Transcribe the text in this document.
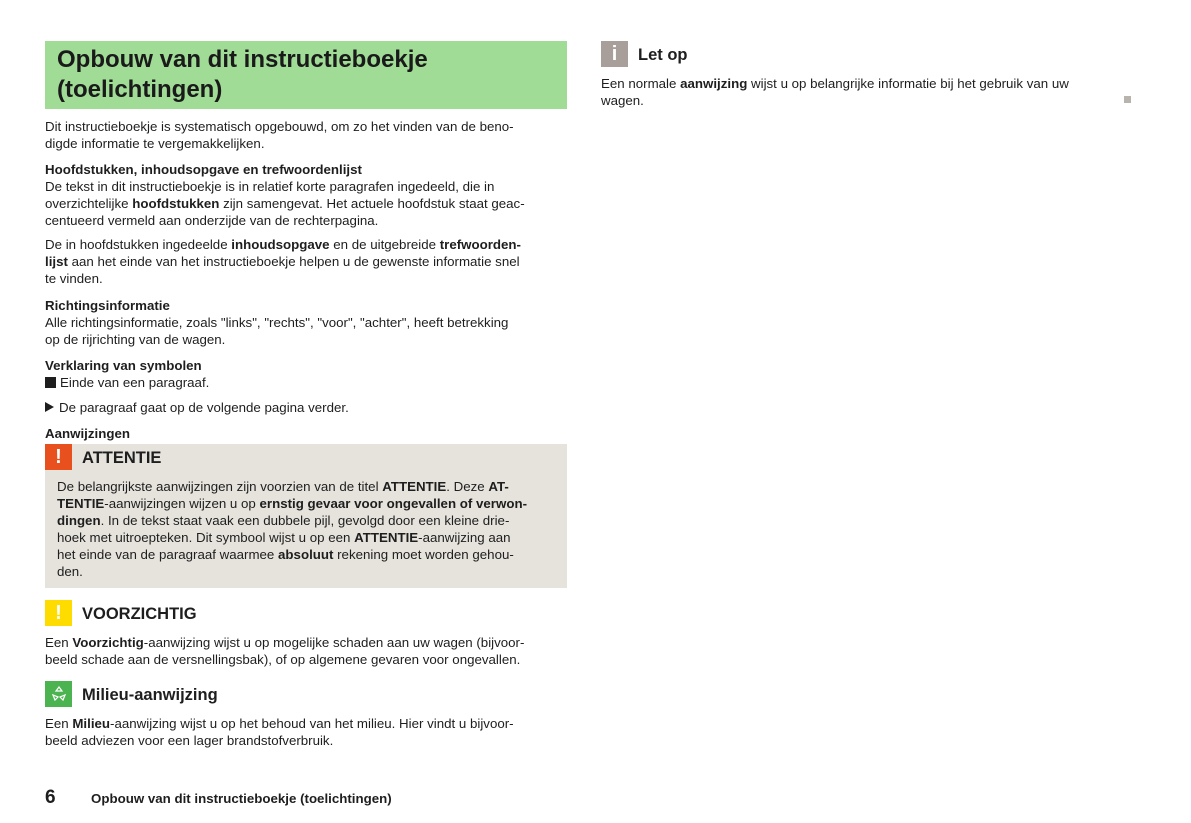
Opbouw van dit instructieboekje
(toelichtingen)
Dit instructieboekje is systematisch opgebouwd, om zo het vinden van de beno-
digde informatie te vergemakkelijken.
Hoofdstukken, inhoudsopgave en trefwoordenlijst
De tekst in dit instructieboekje is in relatief korte paragrafen ingedeeld, die in
overzichtelijke hoofdstukken zijn samengevat. Het actuele hoofdstuk staat geac-
centueerd vermeld aan onderzijde van de rechterpagina.
De in hoofdstukken ingedeelde inhoudsopgave en de uitgebreide trefwoorden-
lijst aan het einde van het instructieboekje helpen u de gewenste informatie snel
te vinden.
Richtingsinformatie
Alle richtingsinformatie, zoals "links", "rechts", "voor", "achter", heeft betrekking
op de rijrichting van de wagen.
Verklaring van symbolen
Einde van een paragraaf.
De paragraaf gaat op de volgende pagina verder.
Aanwijzingen
!	ATTENTIE
De belangrijkste aanwijzingen zijn voorzien van de titel ATTENTIE. Deze AT-
TENTIE-aanwijzingen wijzen u op ernstig gevaar voor ongevallen of verwon-
dingen. In de tekst staat vaak een dubbele pijl, gevolgd door een kleine drie-
hoek met uitroepteken. Dit symbool wijst u op een ATTENTIE-aanwijzing aan
het einde van de paragraaf waarmee absoluut rekening moet worden gehou-
den.
!	VOORZICHTIG
Een Voorzichtig-aanwijzing wijst u op mogelijke schaden aan uw wagen (bijvoor-
beeld schade aan de versnellingsbak), of op algemene gevaren voor ongevallen.
Milieu-aanwijzing
Een Milieu-aanwijzing wijst u op het behoud van het milieu. Hier vindt u bijvoor-
beeld adviezen voor een lager brandstofverbruik.
i	Let op
Een normale aanwijzing wijst u op belangrijke informatie bij het gebruik van uw
wagen.
6	Opbouw van dit instructieboekje (toelichtingen)
